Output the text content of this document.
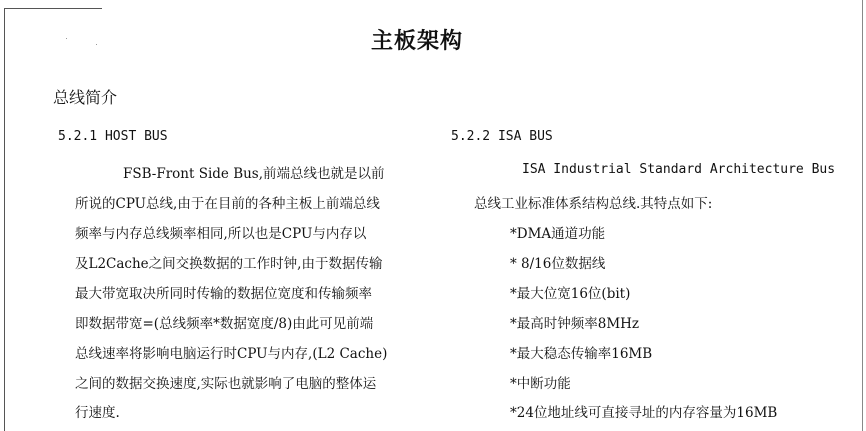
主板架构
总线简介
5.2.1 HOST BUS	5.2.2 ISA BUS
FSB-Front Side Bus,前端总线也就是以前
所说的CPU总线,由于在目前的各种主板上前端总线
频率与内存总线频率相同,所以也是CPU与内存以
及L2Cache之间交换数据的工作时钟,由于数据传输
最大带宽取决所同时传输的数据位宽度和传输频率
即数据带宽=(总线频率*数据宽度/8)由此可见前端
总线速率将影响电脑运行时CPU与内存,(L2 Cache)
之间的数据交换速度,实际也就影响了电脑的整体运
行速度.
ISA Industrial Standard Architecture Bus
总线工业标准体系结构总线.其特点如下:
*DMA通道功能
* 8/16位数据线
*最大位宽16位(bit)
*最高时钟频率8MHz
*最大稳态传输率16MB
*中断功能
*24位地址线可直接寻址的内存容量为16MB
